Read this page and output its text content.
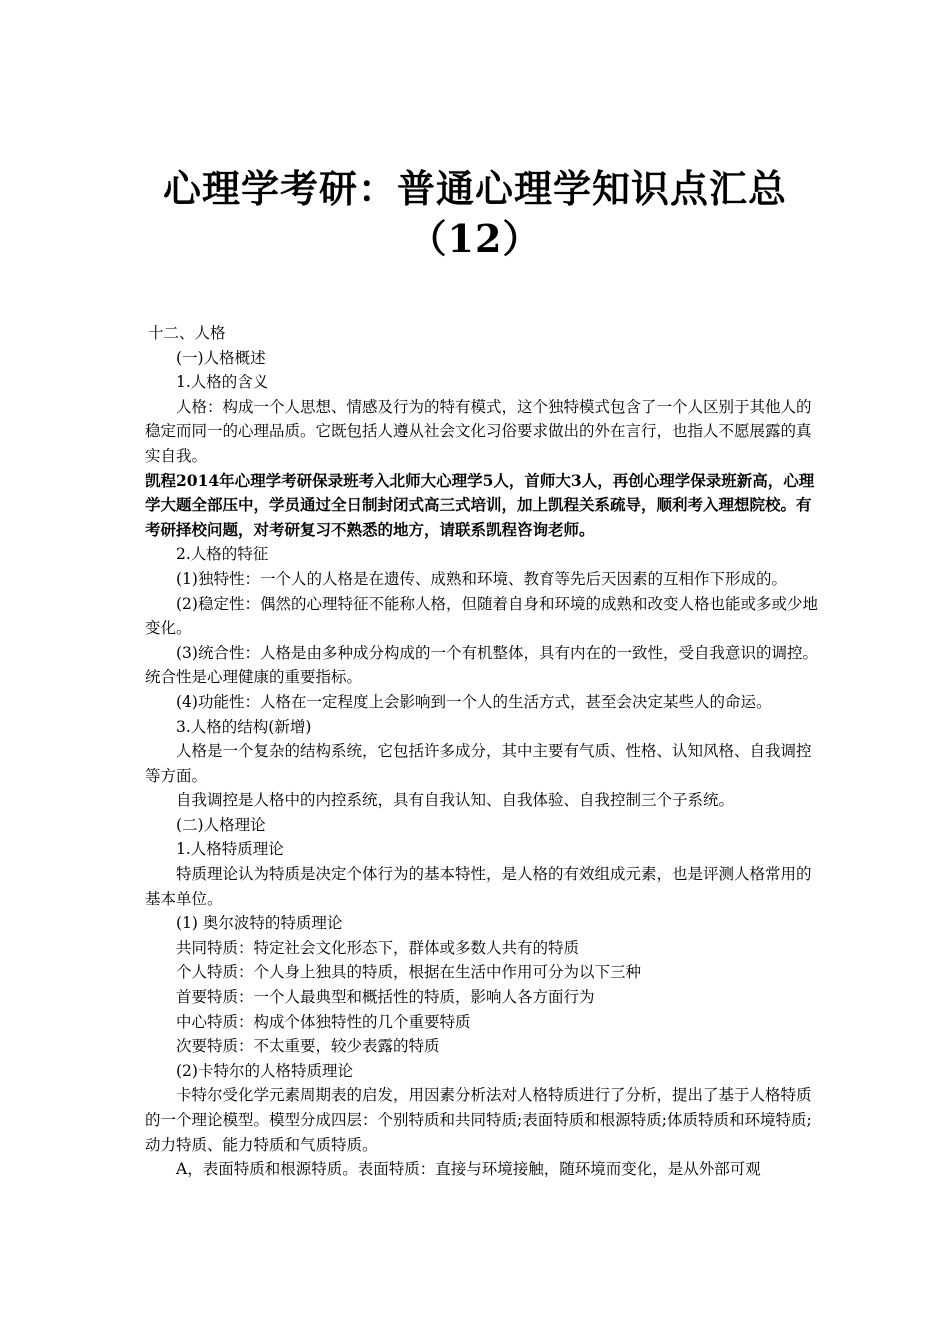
心理学考研：普通心理学知识点汇总
（12）

十二、人格

(一)人格概述

1.人格的含义

人格：构成一个人思想、情感及行为的特有模式，这个独特模式包含了一个人区别于其他人的稳定而同一的心理品质。它既包括人遵从社会文化习俗要求做出的外在言行，也指人不愿展露的真实自我。

凯程2014年心理学考研保录班考入北师大心理学5人，首师大3人，再创心理学保录班新高，心理学大题全部压中，学员通过全日制封闭式高三式培训，加上凯程关系疏导，顺利考入理想院校。有考研择校问题，对考研复习不熟悉的地方，请联系凯程咨询老师。

2.人格的特征

(1)独特性：一个人的人格是在遗传、成熟和环境、教育等先后天因素的互相作下形成的。

(2)稳定性：偶然的心理特征不能称人格，但随着自身和环境的成熟和改变人格也能或多或少地变化。

(3)统合性：人格是由多种成分构成的一个有机整体，具有内在的一致性，受自我意识的调控。统合性是心理健康的重要指标。

(4)功能性：人格在一定程度上会影响到一个人的生活方式，甚至会决定某些人的命运。

3.人格的结构(新增)

人格是一个复杂的结构系统，它包括许多成分，其中主要有气质、性格、认知风格、自我调控等方面。

自我调控是人格中的内控系统，具有自我认知、自我体验、自我控制三个子系统。

(二)人格理论

1.人格特质理论

特质理论认为特质是决定个体行为的基本特性，是人格的有效组成元素，也是评测人格常用的基本单位。

(1) 奥尔波特的特质理论

共同特质：特定社会文化形态下，群体或多数人共有的特质

个人特质：个人身上独具的特质，根据在生活中作用可分为以下三种

首要特质：一个人最典型和概括性的特质，影响人各方面行为

中心特质：构成个体独特性的几个重要特质

次要特质：不太重要，较少表露的特质

(2)卡特尔的人格特质理论

卡特尔受化学元素周期表的启发，用因素分析法对人格特质进行了分析，提出了基于人格特质的一个理论模型。模型分成四层：个别特质和共同特质;表面特质和根源特质;体质特质和环境特质;动力特质、能力特质和气质特质。

A，表面特质和根源特质。表面特质：直接与环境接触，随环境而变化，是从外部可观
